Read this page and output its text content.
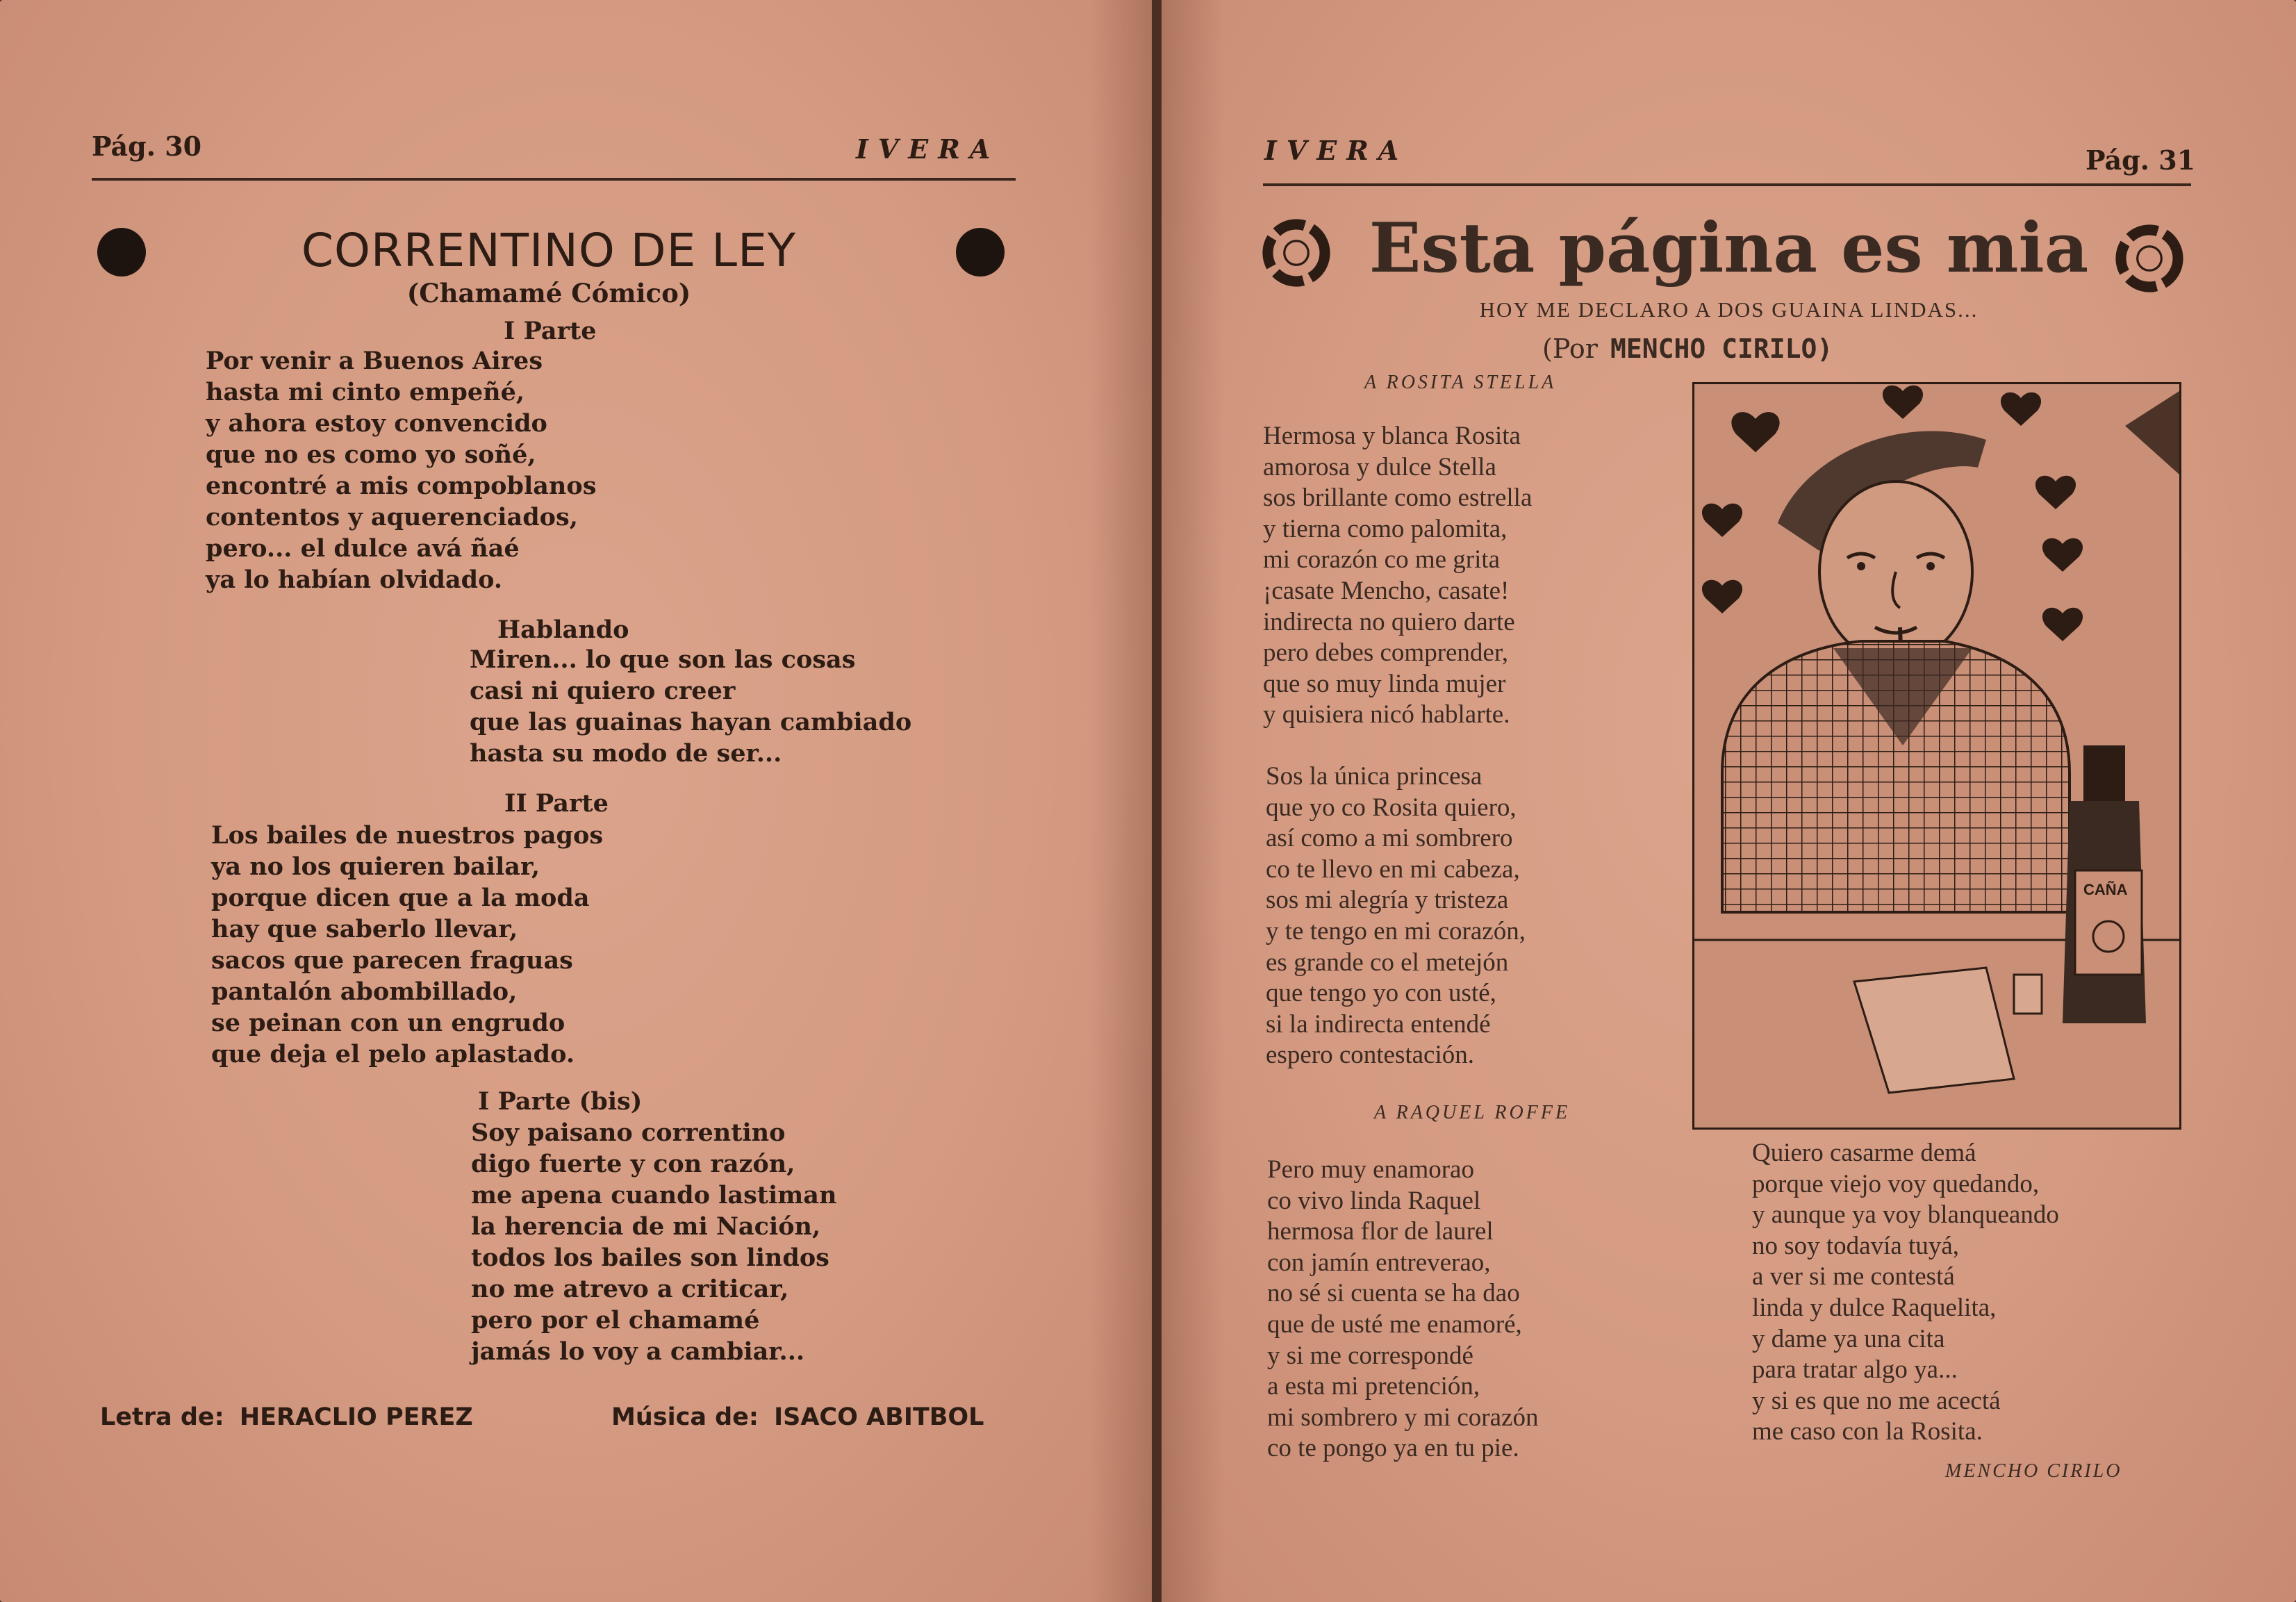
Pág. 30	IVERA
CORRENTINO DE LEY
(Chamamé Cómico)
I Parte
Por venir a Buenos Aires
hasta mi cinto empeñé,
y ahora estoy convencido
que no es como yo soñé,
encontré a mis compoblanos
contentos y aquerenciados,
pero... el dulce avá ñaé
ya lo habían olvidado.
Hablando
Miren... lo que son las cosas
casi ni quiero creer
que las guainas hayan cambiado
hasta su modo de ser...
II Parte
Los bailes de nuestros pagos
ya no los quieren bailar,
porque dicen que a la moda
hay que saberlo llevar,
sacos que parecen fraguas
pantalón abombillado,
se peinan con un engrudo
que deja el pelo aplastado.
I Parte (bis)
Soy paisano correntino
digo fuerte y con razón,
me apena cuando lastiman
la herencia de mi Nación,
todos los bailes son lindos
no me atrevo a criticar,
pero por el chamamé
jamás lo voy a cambiar...
Letra de: HERACLIO PEREZ	Música de: ISACO ABITBOL
IVERA	Pág. 31
Esta página es mia
HOY ME DECLARO A DOS GUAINA LINDAS...
(Por MENCHO CIRILO)
A ROSITA STELLA
Hermosa y blanca Rosita
amorosa y dulce Stella
sos brillante como estrella
y tierna como palomita,
mi corazón co me grita
¡casate Mencho, casate!
indirecta no quiero darte
pero debes comprender,
que so muy linda mujer
y quisiera nicó hablarte.
Sos la única princesa
que yo co Rosita quiero,
así como a mi sombrero
co te llevo en mi cabeza,
sos mi alegría y tristeza
y te tengo en mi corazón,
es grande co el metejón
que tengo yo con usté,
si la indirecta entendé
espero contestación.
A RAQUEL ROFFE
Pero muy enamorao
co vivo linda Raquel
hermosa flor de laurel
con jamín entreverao,
no sé si cuenta se ha dao
que de usté me enamoré,
y si me correspondé
a esta mi pretención,
mi sombrero y mi corazón
co te pongo ya en tu pie.
Quiero casarme demá
porque viejo voy quedando,
y aunque ya voy blanqueando
no soy todavía tuyá,
a ver si me contestá
linda y dulce Raquelita,
y dame ya una cita
para tratar algo ya...
y si es que no me acectá
me caso con la Rosita.
MENCHO CIRILO
CAÑA
